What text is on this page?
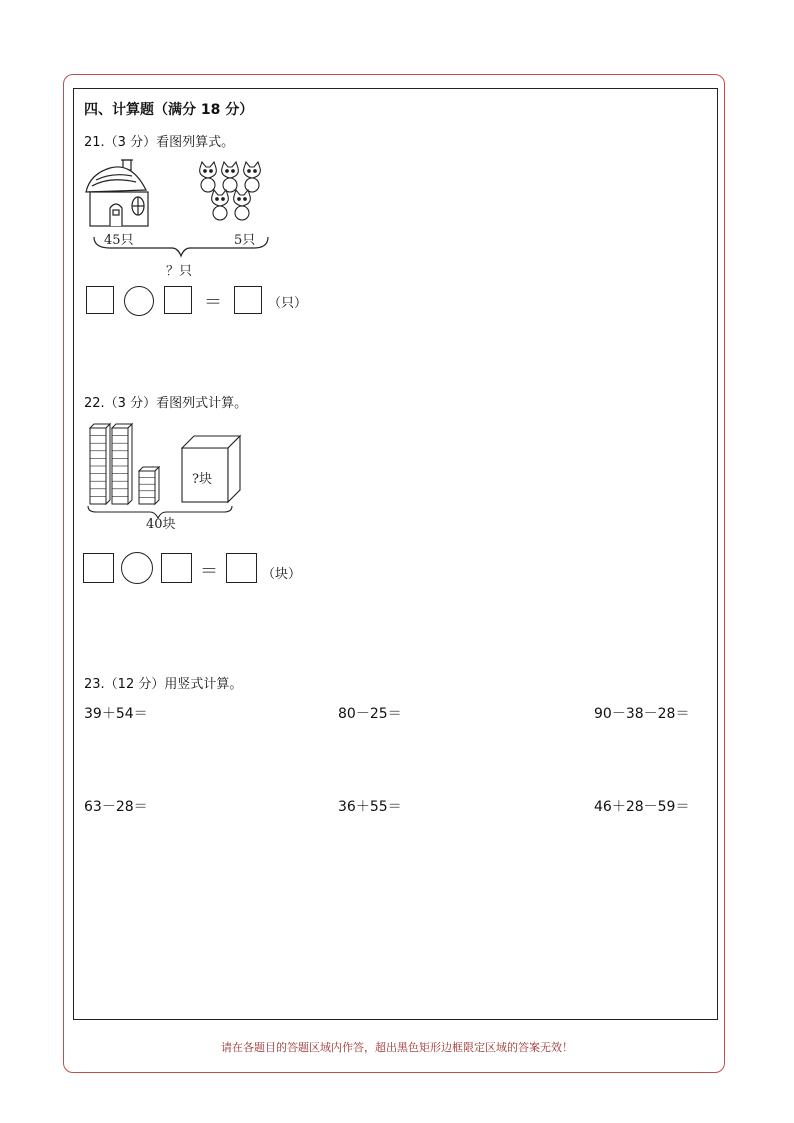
四、计算题（满分 18 分）
21.（3 分）看图列算式。
45只	5只
？只
＝	（只）
22.（3 分）看图列式计算。
?块
40块
＝	（块）
23.（12 分）用竖式计算。
39＋54＝	80－25＝	90－38－28＝
63－28＝	36＋55＝	46＋28－59＝
请在各题目的答题区域内作答，超出黑色矩形边框限定区域的答案无效！
